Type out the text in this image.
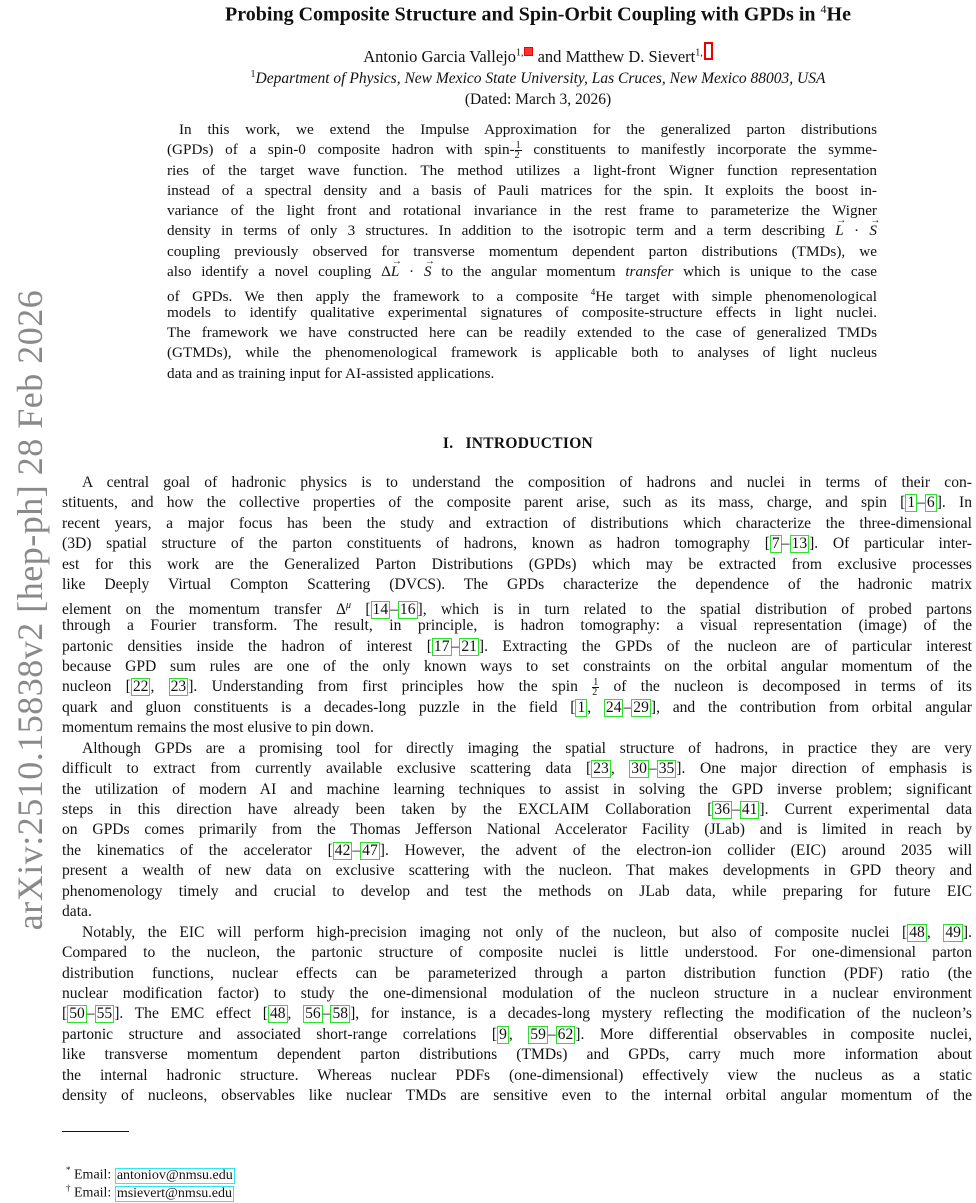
arXiv:2510.15838v2 [hep-ph] 28 Feb 2026
Probing Composite Structure and Spin-Orbit Coupling with GPDs in $^4$He
Antonio Garcia Vallejo$^{1,}$ and Matthew D. Sievert$^{1,}$
$^1$Department of Physics, New Mexico State University, Las Cruces, New Mexico 88003, USA
(Dated: March 3, 2026)
In this work, we extend the Impulse Approximation for the generalized parton distributions
(GPDs) of a spin-0 composite hadron with spin- $\frac{1}{2}$ constituents to manifestly incorporate the symme-
ries of the target wave function. The method utilizes a light-front Wigner function representation
instead of a spectral density and a basis of Pauli matrices for the spin. It exploits the boost in-
variance of the light front and rotational invariance in the rest frame to parameterize the Wigner
density in terms of only 3 structures. In addition to the isotropic term and a term describing → L · → S
coupling previously observed for transverse momentum dependent parton distributions (TMDs), we
also identify a novel coupling Δ→ L · → S to the angular momentum transfer which is unique to the case
of GPDs. We then apply the framework to a composite $^4$He target with simple phenomenological
models to identify qualitative experimental signatures of composite-structure effects in light nuclei.
The framework we have constructed here can be readily extended to the case of generalized TMDs
(GTMDs), while the phenomenological framework is applicable both to analyses of light nucleus
data and as training input for AI-assisted applications.
I. INTRODUCTION
A central goal of hadronic physics is to understand the composition of hadrons and nuclei in terms of their con-
stituents, and how the collective properties of the composite parent arise, such as its mass, charge, and spin [ 1 – 6 ]. In
recent years, a major focus has been the study and extraction of distributions which characterize the three-dimensional
(3D) spatial structure of the parton constituents of hadrons, known as hadron tomography [ 7 – 13 ]. Of particular inter-
est for this work are the Generalized Parton Distributions (GPDs) which may be extracted from exclusive processes
like Deeply Virtual Compton Scattering (DVCS). The GPDs characterize the dependence of the hadronic matrix
element on the momentum transfer $\Delta^\mu$ [ 14 – 16 ], which is in turn related to the spatial distribution of probed partons
through a Fourier transform. The result, in principle, is hadron tomography: a visual representation (image) of the
partonic densities inside the hadron of interest [ 17 – 21 ]. Extracting the GPDs of the nucleon are of particular interest
because GPD sum rules are one of the only known ways to set constraints on the orbital angular momentum of the
nucleon [ 22 , 23 ]. Understanding from first principles how the spin $\frac{1}{2}$ of the nucleon is decomposed in terms of its
quark and gluon constituents is a decades-long puzzle in the field [ 1 , 24 – 29 ], and the contribution from orbital angular
momentum remains the most elusive to pin down.
Although GPDs are a promising tool for directly imaging the spatial structure of hadrons, in practice they are very
difficult to extract from currently available exclusive scattering data [ 23 , 30 – 35 ]. One major direction of emphasis is
the utilization of modern AI and machine learning techniques to assist in solving the GPD inverse problem; significant
steps in this direction have already been taken by the EXCLAIM Collaboration [ 36 – 41 ]. Current experimental data
on GPDs comes primarily from the Thomas Jefferson National Accelerator Facility (JLab) and is limited in reach by
the kinematics of the accelerator [ 42 – 47 ]. However, the advent of the electron-ion collider (EIC) around 2035 will
present a wealth of new data on exclusive scattering with the nucleon. That makes developments in GPD theory and
phenomenology timely and crucial to develop and test the methods on JLab data, while preparing for future EIC
data.
Notably, the EIC will perform high-precision imaging not only of the nucleon, but also of composite nuclei [ 48 , 49 ].
Compared to the nucleon, the partonic structure of composite nuclei is little understood. For one-dimensional parton
distribution functions, nuclear effects can be parameterized through a parton distribution function (PDF) ratio (the
nuclear modification factor) to study the one-dimensional modulation of the nucleon structure in a nuclear environment
[ 50 – 55 ]. The EMC effect [ 48 , 56 – 58 ], for instance, is a decades-long mystery reflecting the modification of the nucleon’s
partonic structure and associated short-range correlations [ 9 , 59 – 62 ]. More differential observables in composite nuclei,
like transverse momentum dependent parton distributions (TMDs) and GPDs, carry much more information about
the internal hadronic structure. Whereas nuclear PDFs (one-dimensional) effectively view the nucleus as a static
density of nucleons, observables like nuclear TMDs are sensitive even to the internal orbital angular momentum of the
* Email: antoniov@nmsu.edu
† Email: msievert@nmsu.edu
